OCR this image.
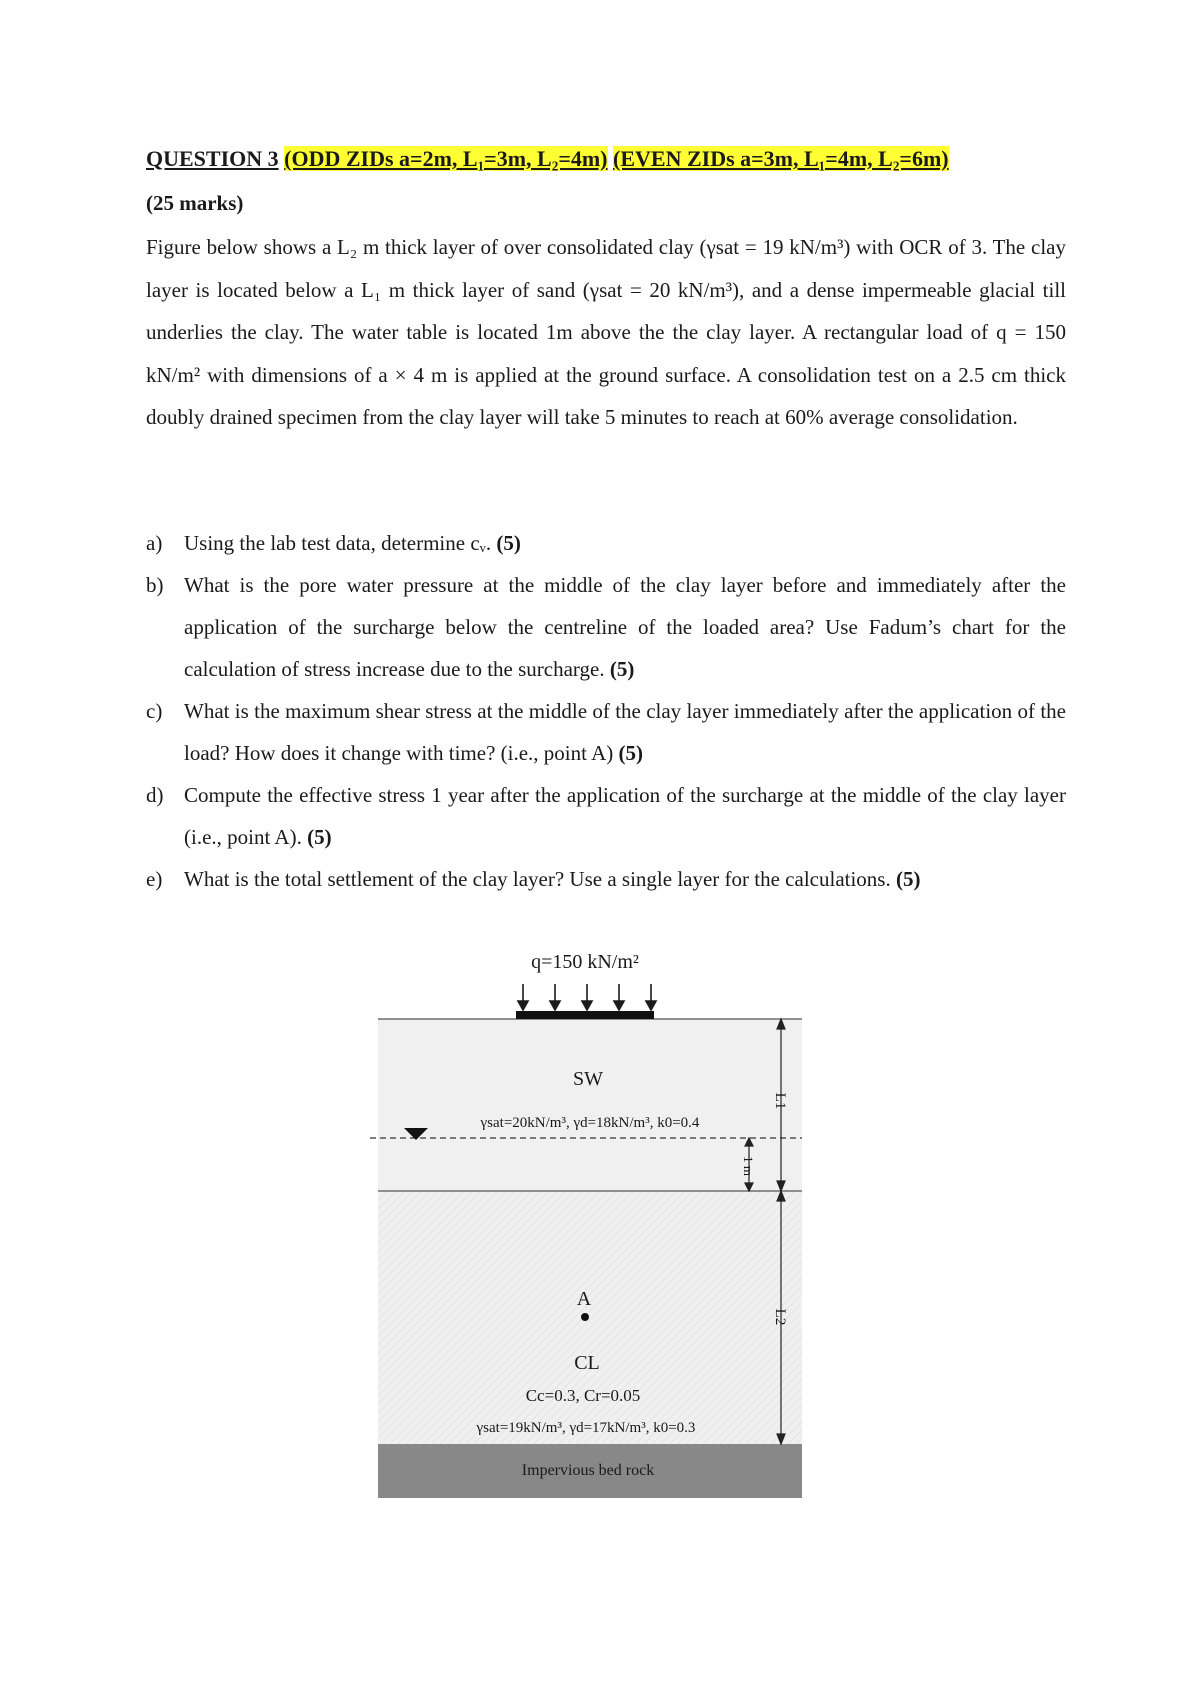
QUESTION 3 (ODD ZIDs a=2m, L₁=3m, L₂=4m) (EVEN ZIDs a=3m, L₁=4m, L₂=6m)
(25 marks)
Figure below shows a L₂ m thick layer of over consolidated clay (γsat = 19 kN/m³) with OCR of 3. The clay layer is located below a L₁ m thick layer of sand (γsat = 20 kN/m³), and a dense impermeable glacial till underlies the clay. The water table is located 1m above the the clay layer. A rectangular load of q = 150 kN/m² with dimensions of a × 4 m is applied at the ground surface. A consolidation test on a 2.5 cm thick doubly drained specimen from the clay layer will take 5 minutes to reach at 60% average consolidation.
a) Using the lab test data, determine cᵥ. (5)
b) What is the pore water pressure at the middle of the clay layer before and immediately after the application of the surcharge below the centreline of the loaded area? Use Fadum’s chart for the calculation of stress increase due to the surcharge. (5)
c) What is the maximum shear stress at the middle of the clay layer immediately after the application of the load? How does it change with time? (i.e., point A) (5)
d) Compute the effective stress 1 year after the application of the surcharge at the middle of the clay layer (i.e., point A). (5)
e) What is the total settlement of the clay layer? Use a single layer for the calculations. (5)
q=150 kN/m²
SW
γsat=20kN/m³, γd=18kN/m³, k0=0.4
A
CL
Cc=0.3, Cr=0.05
γsat=19kN/m³, γd=17kN/m³, k0=0.3
Impervious bed rock
L1
1 m
L2
